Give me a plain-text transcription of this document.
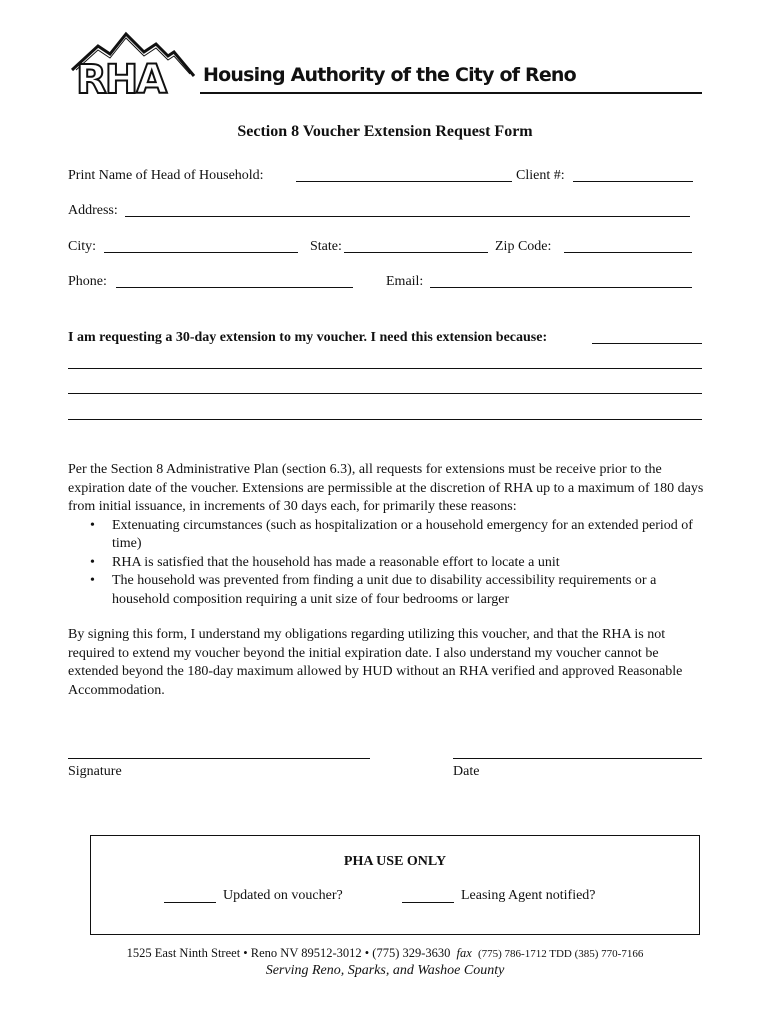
RHA Housing Authority of the City of Reno
Section 8 Voucher Extension Request Form
Print Name of Head of Household:	Client #:
Address:
City:	State:	Zip Code:
Phone:	Email:
I am requesting a 30-day extension to my voucher. I need this extension because:

Per the Section 8 Administrative Plan (section 6.3), all requests for extensions must be receive prior to the expiration date of the voucher. Extensions are permissible at the discretion of RHA up to a maximum of 180 days from initial issuance, in increments of 30 days each, for primarily these reasons:

• Extenuating circumstances (such as hospitalization or a household emergency for an extended period of time)
• RHA is satisfied that the household has made a reasonable effort to locate a unit
• The household was prevented from finding a unit due to disability accessibility requirements or a household composition requiring a unit size of four bedrooms or larger
By signing this form, I understand my obligations regarding utilizing this voucher, and that the RHA is not required to extend my voucher beyond the initial expiration date. I also understand my voucher cannot be extended beyond the 180-day maximum allowed by HUD without an RHA verified and approved Reasonable Accommodation.
Signature	Date
PHA USE ONLY
Updated on voucher?	Leasing Agent notified?
1525 East Ninth Street • Reno NV 89512-3012 • (775) 329-3630 fax (775) 786-1712 TDD (385) 770-7166
Serving Reno, Sparks, and Washoe County
